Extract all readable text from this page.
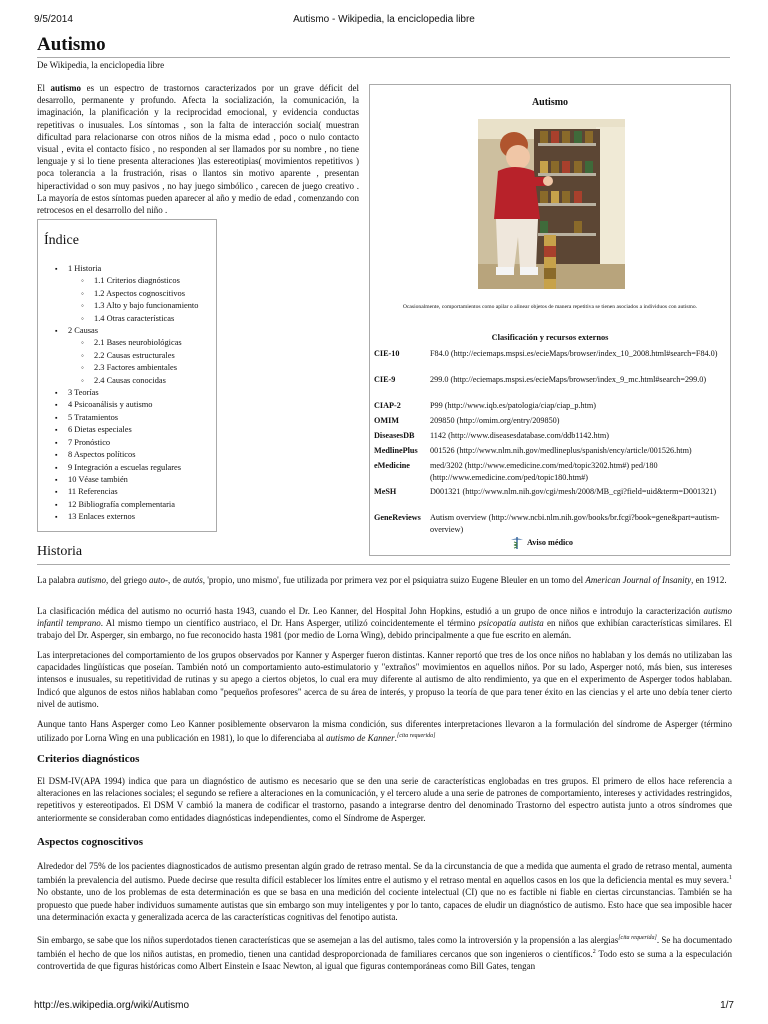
9/5/2014	Autismo - Wikipedia, la enciclopedia libre
Autismo
De Wikipedia, la enciclopedia libre

El autismo es un espectro de trastornos caracterizados por un grave déficit del desarrollo, permanente y profundo. Afecta la socialización, la comunicación, la imaginación, la planificación y la reciprocidad emocional, y evidencia conductas repetitivas o inusuales. Los síntomas , son la falta de interacción social( muestran dificultad para relacionarse con otros niños de la misma edad , poco o nulo contacto visual , evita el contacto físico , no responden al ser llamados por su nombre , no tiene lenguaje y si lo tiene presenta alteraciones )las estereotipias( movimientos repetitivos ) poca tolerancia a la frustración, risas o llantos sin motivo aparente , presentan hiperactividad o son muy pasivos , no hay juego simbólico , carecen de juego creativo . La mayoría de estos síntomas pueden aparecer al año y medio de edad , comenzando con retrocesos en el desarrollo del niño .

Índice
▪ 1 Historia
◦ 1.1 Criterios diagnósticos
◦ 1.2 Aspectos cognoscitivos
◦ 1.3 Alto y bajo funcionamiento
◦ 1.4 Otras características
▪ 2 Causas
◦ 2.1 Bases neurobiológicas
◦ 2.2 Causas estructurales
◦ 2.3 Factores ambientales
◦ 2.4 Causas conocidas
▪ 3 Teorías
▪ 4 Psicoanálisis y autismo
▪ 5 Tratamientos
▪ 6 Dietas especiales
▪ 7 Pronóstico
▪ 8 Aspectos políticos
▪ 9 Integración a escuelas regulares
▪ 10 Véase también
▪ 11 Referencias
▪ 12 Bibliografía complementaria
▪ 13 Enlaces externos
Autismo
Ocasionalmente, comportamientos como apilar o alinear objetos de manera repetitiva se tienen asociados a individuos con autismo.
Clasificación y recursos externos
CIE-10	F84.0 (http://eciemaps.mspsi.es/ecieMaps/browser/index_10_2008.html#search=F84.0)
CIE-9	299.0 (http://eciemaps.mspsi.es/ecieMaps/browser/index_9_mc.html#search=299.0)
CIAP-2	P99 (http://www.iqb.es/patologia/ciap/ciap_p.htm)
OMIM	209850 (http://omim.org/entry/209850)
DiseasesDB	1142 (http://www.diseasesdatabase.com/ddb1142.htm)
MedlinePlus	001526 (http://www.nlm.nih.gov/medlineplus/spanish/ency/article/001526.htm)
eMedicine	med/3202 (http://www.emedicine.com/med/topic3202.htm#) ped/180 (http://www.emedicine.com/ped/topic180.htm#)
MeSH	D001321 (http://www.nlm.nih.gov/cgi/mesh/2008/MB_cgi?field=uid&term=D001321)
GeneReviews	Autism overview (http://www.ncbi.nlm.nih.gov/books/br.fcgi?book=gene&part=autism-overview)
Aviso médico
Historia

La palabra autismo, del griego auto-, de autós, 'propio, uno mismo', fue utilizada por primera vez por el psiquiatra suizo Eugene Bleuler en un tomo del American Journal of Insanity, en 1912.

La clasificación médica del autismo no ocurrió hasta 1943, cuando el Dr. Leo Kanner, del Hospital John Hopkins, estudió a un grupo de once niños e introdujo la caracterización autismo infantil temprano. Al mismo tiempo un científico austriaco, el Dr. Hans Asperger, utilizó coincidentemente el término psicopatía autista en niños que exhibían características similares. El trabajo del Dr. Asperger, sin embargo, no fue reconocido hasta 1981 (por medio de Lorna Wing), debido principalmente a que fue escrito en alemán.

Las interpretaciones del comportamiento de los grupos observados por Kanner y Asperger fueron distintas. Kanner reportó que tres de los once niños no hablaban y los demás no utilizaban las capacidades lingüísticas que poseían. También notó un comportamiento auto-estimulatorio y "extraños" movimientos en aquellos niños. Por su lado, Asperger notó, más bien, sus intereses intensos e inusuales, su repetitividad de rutinas y su apego a ciertos objetos, lo cual era muy diferente al autismo de alto rendimiento, ya que en el experimento de Asperger todos hablaban. Indicó que algunos de estos niños hablaban como "pequeños profesores" acerca de su área de interés, y propuso la teoría de que para tener éxito en las ciencias y el arte uno debía tener cierto nivel de autismo.

Aunque tanto Hans Asperger como Leo Kanner posiblemente observaron la misma condición, sus diferentes interpretaciones llevaron a la formulación del síndrome de Asperger (término utilizado por Lorna Wing en una publicación en 1981), lo que lo diferenciaba al autismo de Kanner.[cita requerida]

Criterios diagnósticos

El DSM-IV(APA 1994) indica que para un diagnóstico de autismo es necesario que se den una serie de características englobadas en tres grupos. El primero de ellos hace referencia a alteraciones en las relaciones sociales; el segundo se refiere a alteraciones en la comunicación, y el tercero alude a una serie de patrones de comportamiento, intereses y actividades restringidos, repetitivos y estereotipados. El DSM V cambió la manera de codificar el trastorno, pasando a integrarse dentro del denominado Trastorno del espectro autista junto a otros síndromes que anteriormente se consideraban como entidades diagnósticas independientes, como el Síndrome de Asperger.

Aspectos cognoscitivos

Alrededor del 75% de los pacientes diagnosticados de autismo presentan algún grado de retraso mental. Se da la circunstancia de que a medida que aumenta el grado de retraso mental, aumenta también la prevalencia del autismo. Puede decirse que resulta difícil establecer los límites entre el autismo y el retraso mental en aquellos casos en los que la deficiencia mental es muy severa.$^1$ No obstante, uno de los problemas de esta determinación es que se basa en una medición del cociente intelectual (CI) que no es factible ni fiable en ciertas circunstancias. También se ha propuesto que puede haber individuos sumamente autistas que sin embargo son muy inteligentes y por lo tanto, capaces de eludir un diagnóstico de autismo. Esto hace que sea imposible hacer una determinación exacta y generalizada acerca de las características cognitivas del fenotipo autista.

Sin embargo, se sabe que los niños superdotados tienen características que se asemejan a las del autismo, tales como la introversión y la propensión a las alergias[cita requerida]. Se ha documentado también el hecho de que los niños autistas, en promedio, tienen una cantidad desproporcionada de familiares cercanos que son ingenieros o científicos.$^2$ Todo esto se suma a la especulación controvertida de que figuras históricas como Albert Einstein e Isaac Newton, al igual que figuras contemporáneas como Bill Gates, tengan

http://es.wikipedia.org/wiki/Autismo	1/7
